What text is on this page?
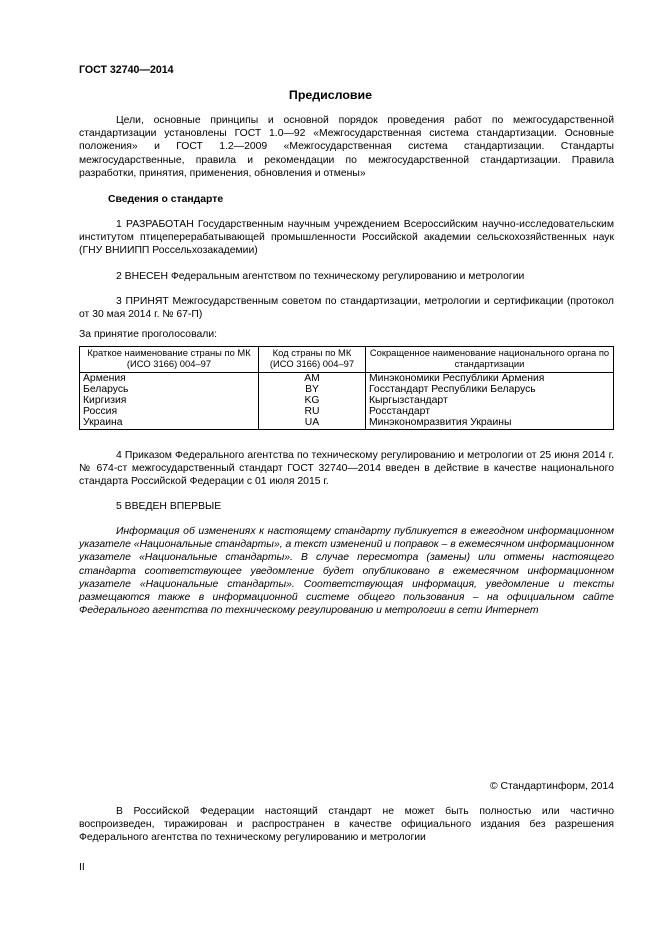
ГОСТ 32740—2014
Предисловие
Цели, основные принципы и основной порядок проведения работ по межгосударственной стандартизации установлены ГОСТ 1.0—92 «Межгосударственная система стандартизации. Основные положения» и ГОСТ 1.2—2009 «Межгосударственная система стандартизации. Стандарты межгосударственные, правила и рекомендации по межгосударственной стандартизации. Правила разработки, принятия, применения, обновления и отмены»
Сведения о стандарте
1 РАЗРАБОТАН Государственным научным учреждением Всероссийским научно-исследовательским институтом птицеперерабатывающей промышленности Российской академии сельскохозяйственных наук (ГНУ ВНИИПП Россельхозакадемии)
2 ВНЕСЕН Федеральным агентством по техническому регулированию и метрологии
3 ПРИНЯТ Межгосударственным советом по стандартизации, метрологии и сертификации (протокол от 30 мая 2014 г. № 67-П)
За принятие проголосовали:
Краткое наименование страны по МК (ИСО 3166) 004–97	Код страны по МК (ИСО 3166) 004–97	Сокращенное наименование национального органа по стандартизации
Армения	AM	Минэкономики Республики Армения
Беларусь	BY	Госстандарт Республики Беларусь
Киргизия	KG	Кыргызстандарт
Россия	RU	Росстандарт
Украина	UA	Минэкономразвития Украины
4 Приказом Федерального агентства по техническому регулированию и метрологии от 25 июня 2014 г. № 674-ст межгосударственный стандарт ГОСТ 32740—2014 введен в действие в качестве национального стандарта Российской Федерации с 01 июля 2015 г.
5 ВВЕДЕН ВПЕРВЫЕ
Информация об изменениях к настоящему стандарту публикуется в ежегодном информационном указателе «Национальные стандарты», а текст изменений и поправок – в ежемесячном информационном указателе «Национальные стандарты». В случае пересмотра (замены) или отмены настоящего стандарта соответствующее уведомление будет опубликовано в ежемесячном информационном указателе «Национальные стандарты». Соответствующая информация, уведомление и тексты размещаются также в информационной системе общего пользования – на официальном сайте Федерального агентства по техническому регулированию и метрологии в сети Интернет
© Стандартинформ, 2014
В Российской Федерации настоящий стандарт не может быть полностью или частично воспроизведен, тиражирован и распространен в качестве официального издания без разрешения Федерального агентства по техническому регулированию и метрологии
II
